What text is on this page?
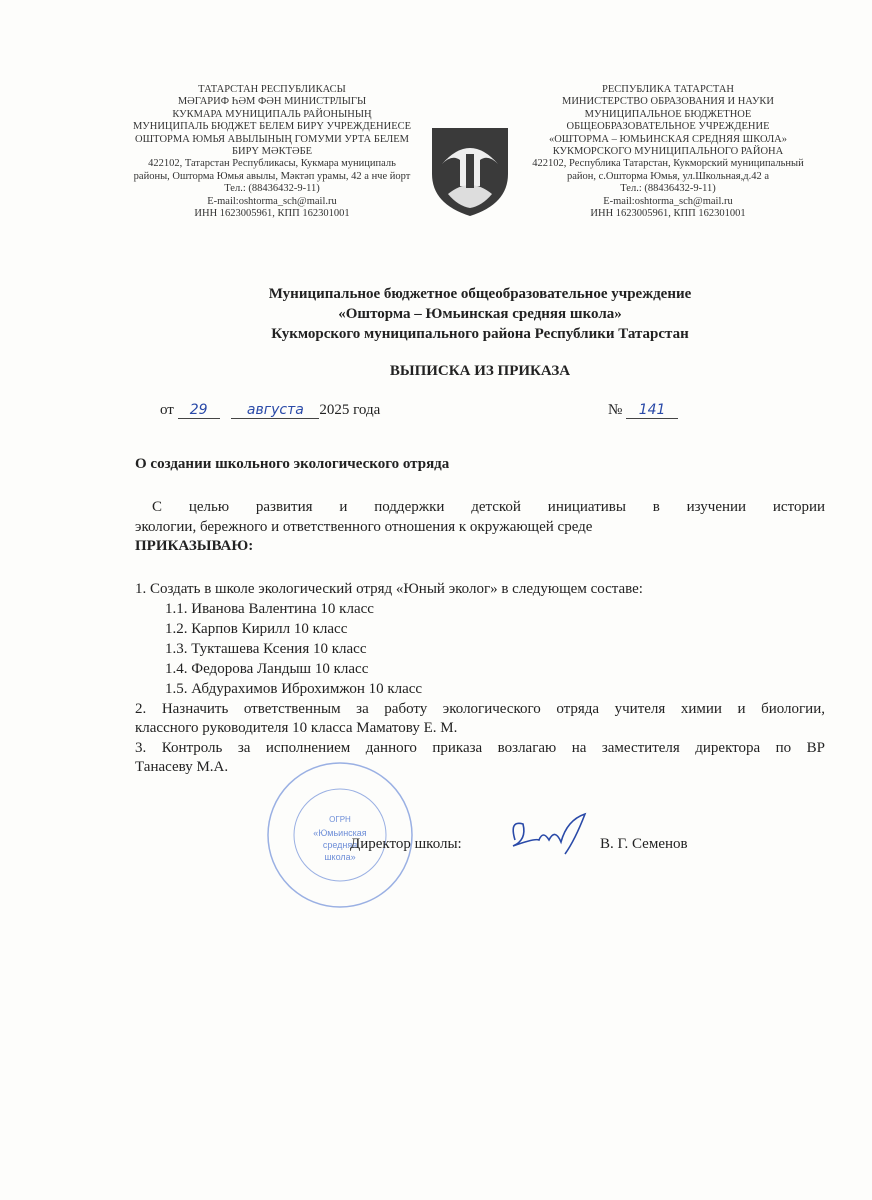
ТАТАРСТАН РЕСПУБЛИКАСЫ
МӘГАРИФ ҺӘМ ФӘН МИНИСТРЛЫГЫ
КУКМАРА МУНИЦИПАЛЬ РАЙОНЫНЫҢ
МУНИЦИПАЛЬ БЮДЖЕТ БЕЛЕМ БИРҮ УЧРЕЖДЕНИЕСЕ
ОШТОРМА ЮМЬЯ АВЫЛЫНЫҢ ГОМУМИ УРТА БЕЛЕМ
БИРҮ МӘКТӘБЕ
422102, Татарстан Республикасы, Кукмара муниципаль
районы, Ошторма Юмья авылы, Мәктәп урамы, 42 а нче йорт
Тел.: (88436432-9-11)
E-mail:oshtorma_sch@mail.ru
ИНН 1623005961, КПП 162301001
РЕСПУБЛИКА ТАТАРСТАН
МИНИСТЕРСТВО ОБРАЗОВАНИЯ И НАУКИ
МУНИЦИПАЛЬНОЕ БЮДЖЕТНОЕ
ОБЩЕОБРАЗОВАТЕЛЬНОЕ УЧРЕЖДЕНИЕ
«ОШТОРМА – ЮМЬИНСКАЯ СРЕДНЯЯ ШКОЛА»
КУКМОРСКОГО МУНИЦИПАЛЬНОГО РАЙОНА
422102, Республика Татарстан, Кукморский муниципальный
район, с.Ошторма Юмья, ул.Школьная,д.42 а
Тел.: (88436432-9-11)
E-mail:oshtorma_sch@mail.ru
ИНН 1623005961, КПП 162301001
Муниципальное бюджетное общеобразовательное учреждение
«Ошторма – Юмьинская средняя школа»
Кукморского муниципального района Республики Татарстан
ВЫПИСКА ИЗ ПРИКАЗА
от 29	августа 2025 года	№ 141
О создании школьного экологического отряда
С целью развития и поддержки детской инициативы в изучении истории
экологии, бережного и ответственного отношения к окружающей среде
ПРИКАЗЫВАЮ:
1. Создать в школе экологический отряд «Юный эколог» в следующем составе:
1.1. Иванова Валентина 10 класс
1.2. Карпов Кирилл 10 класс
1.3. Тукташева Ксения 10 класс
1.4. Федорова Ландыш 10 класс
1.5. Абдурахимов Иброхимжон 10 класс
2. Назначить ответственным за работу экологического отряда учителя химии и биологии,
классного руководителя 10 класса Маматову Е. М.
3. Контроль за исполнением данного приказа возлагаю на заместителя директора по ВР
Танасеву М.А.
ОГРН
«Юмьинская
средняя
школа»
Директор школы:	В. Г. Семенов
